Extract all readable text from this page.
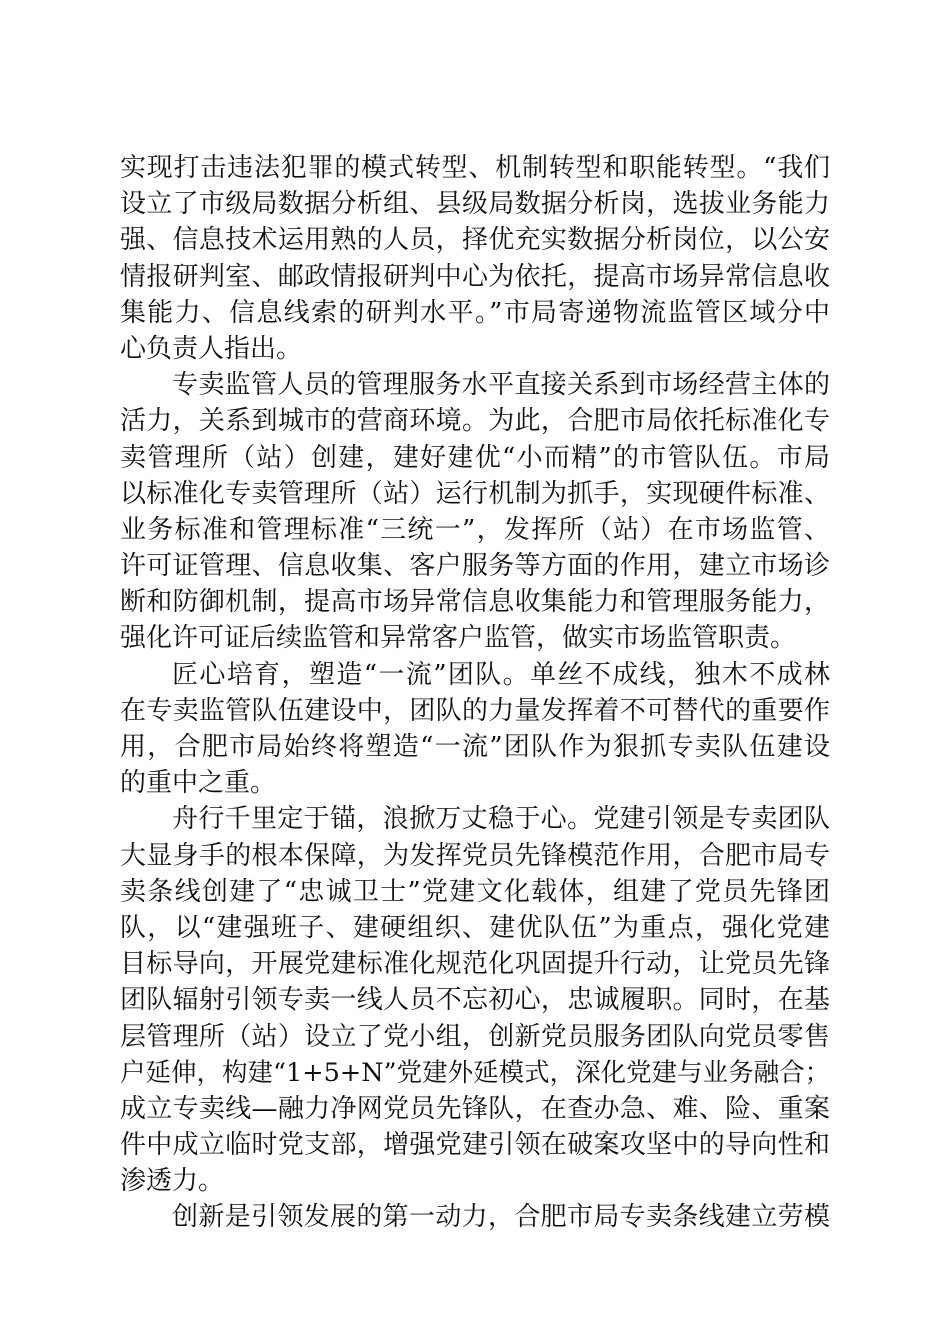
实现打击违法犯罪的模式转型、机制转型和职能转型。“我们
设立了市级局数据分析组、县级局数据分析岗，选拔业务能力
强、信息技术运用熟的人员，择优充实数据分析岗位，以公安
情报研判室、邮政情报研判中心为依托，提高市场异常信息收
集能力、信息线索的研判水平。”市局寄递物流监管区域分中
心负责人指出。
专卖监管人员的管理服务水平直接关系到市场经营主体的
活力，关系到城市的营商环境。为此，合肥市局依托标准化专
卖管理所（站）创建，建好建优“小而精”的市管队伍。市局
以标准化专卖管理所（站）运行机制为抓手，实现硬件标准、
业务标准和管理标准“三统一”，发挥所（站）在市场监管、
许可证管理、信息收集、客户服务等方面的作用，建立市场诊
断和防御机制，提高市场异常信息收集能力和管理服务能力，
强化许可证后续监管和异常客户监管，做实市场监管职责。
匠心培育，塑造“一流”团队。单丝不成线，独木不成林
在专卖监管队伍建设中，团队的力量发挥着不可替代的重要作
用，合肥市局始终将塑造“一流”团队作为狠抓专卖队伍建设
的重中之重。
舟行千里定于锚，浪掀万丈稳于心。党建引领是专卖团队
大显身手的根本保障，为发挥党员先锋模范作用，合肥市局专
卖条线创建了“忠诚卫士”党建文化载体，组建了党员先锋团
队，以“建强班子、建硬组织、建优队伍”为重点，强化党建
目标导向，开展党建标准化规范化巩固提升行动，让党员先锋
团队辐射引领专卖一线人员不忘初心，忠诚履职。同时，在基
层管理所（站）设立了党小组，创新党员服务团队向党员零售
户延伸，构建“1+5+N”党建外延模式，深化党建与业务融合；
成立专卖线—融力净网党员先锋队，在查办急、难、险、重案
件中成立临时党支部，增强党建引领在破案攻坚中的导向性和
渗透力。
创新是引领发展的第一动力，合肥市局专卖条线建立劳模
